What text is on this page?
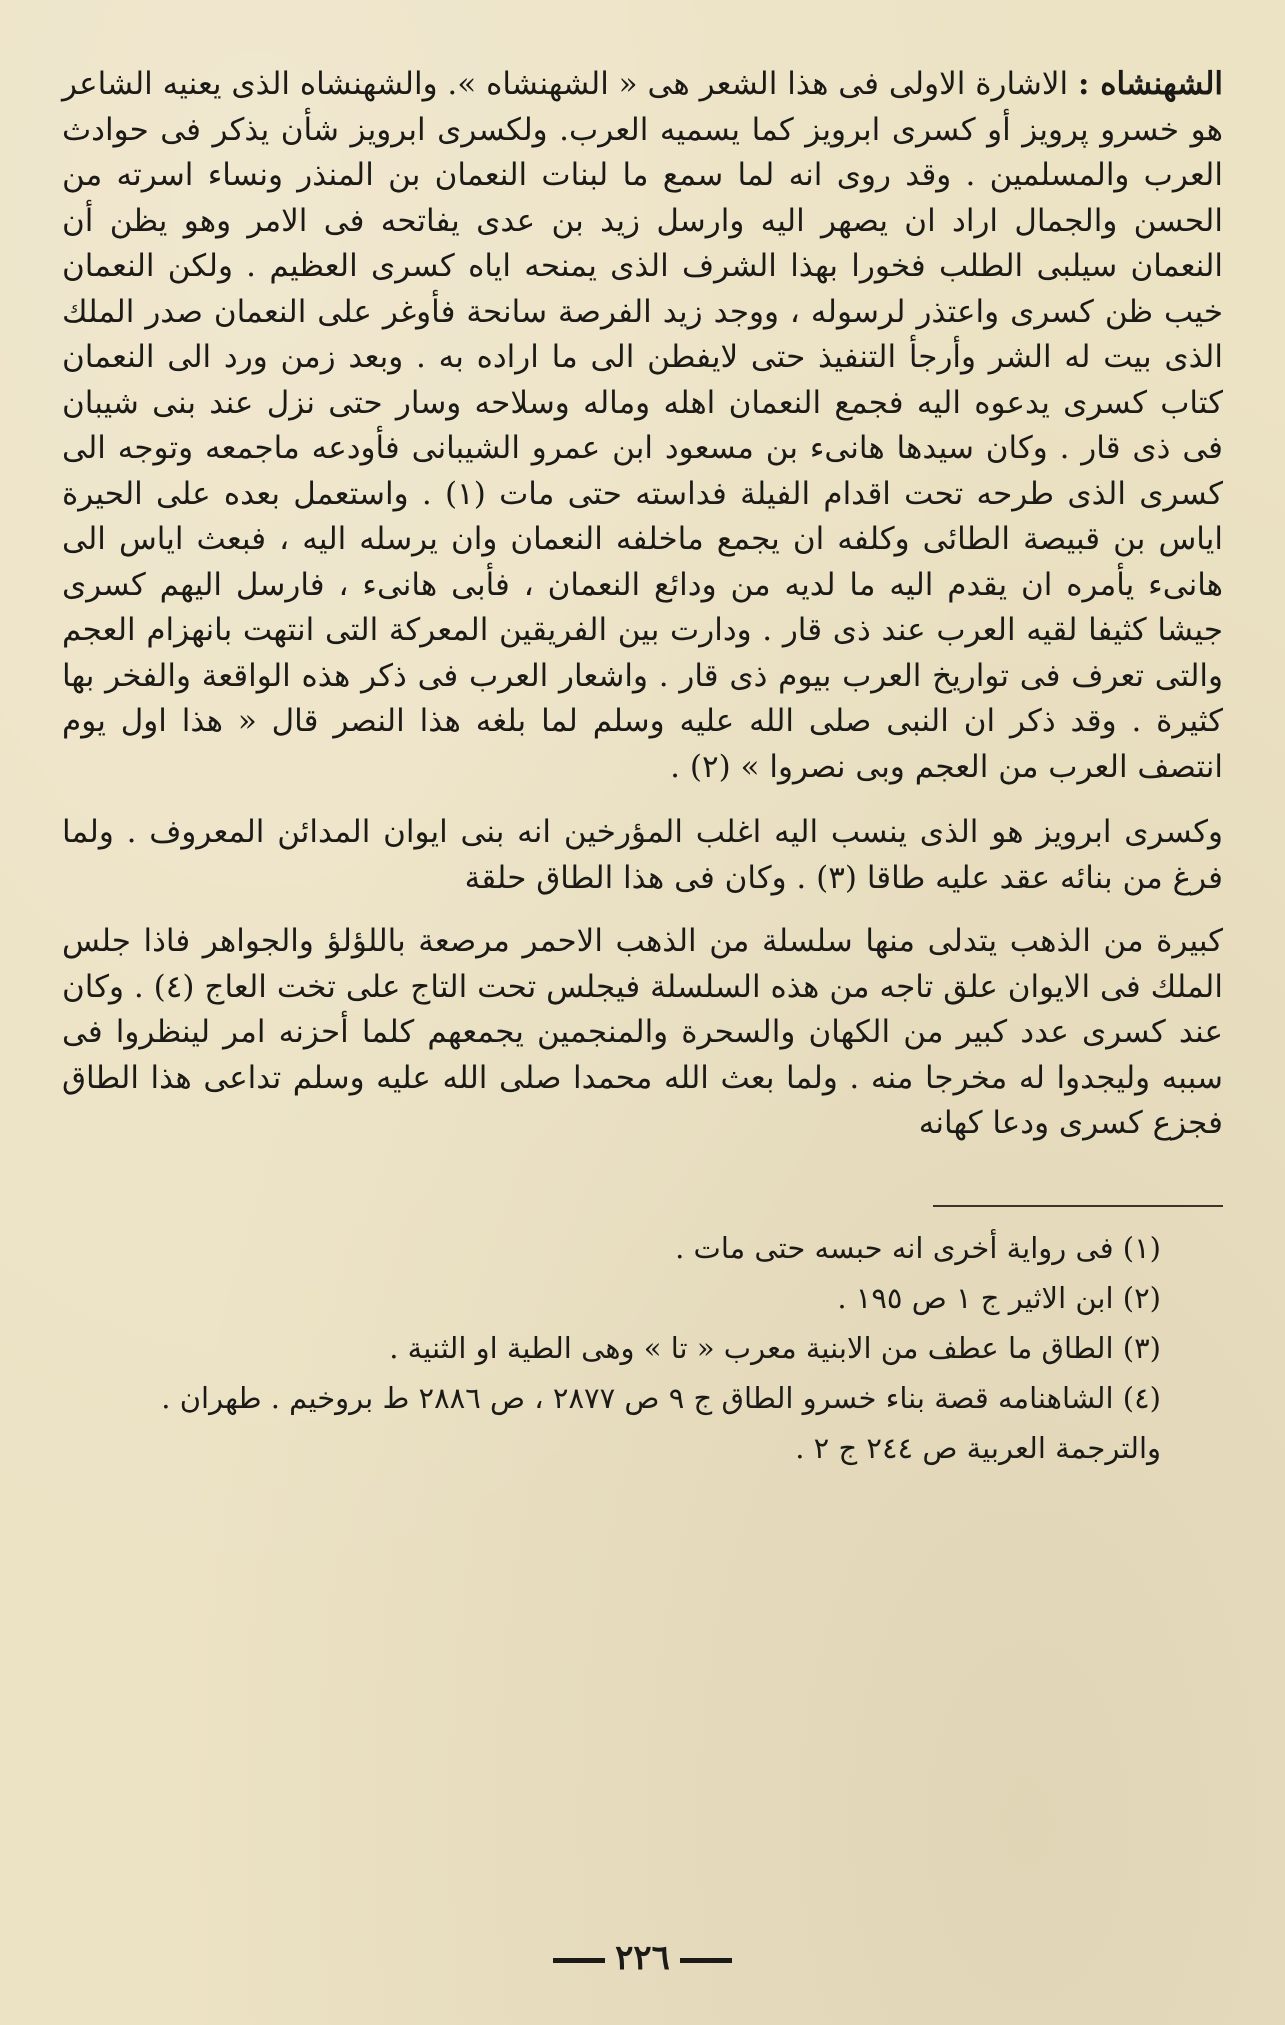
الشهنشاه : الاشارة الاولى فى هذا الشعر هى « الشهنشاه ». والشهنشاه الذى يعنيه الشاعر هو خسرو پرويز أو كسرى ابرويز كما يسميه العرب. ولكسرى ابرويز شأن يذكر فى حوادث العرب والمسلمين . وقد روى انه لما سمع ما لبنات النعمان بن المنذر ونساء اسرته من الحسن والجمال اراد ان يصهر اليه وارسل زيد بن عدى يفاتحه فى الامر وهو يظن أن النعمان سيلبى الطلب فخورا بهذا الشرف الذى يمنحه اياه كسرى العظيم . ولكن النعمان خيب ظن كسرى واعتذر لرسوله ، ووجد زيد الفرصة سانحة فأوغر على النعمان صدر الملك الذى بيت له الشر وأرجأ التنفيذ حتى لايفطن الى ما اراده به . وبعد زمن ورد الى النعمان كتاب كسرى يدعوه اليه فجمع النعمان اهله وماله وسلاحه وسار حتى نزل عند بنى شيبان فى ذى قار . وكان سيدها هانىء بن مسعود ابن عمرو الشيبانى فأودعه ماجمعه وتوجه الى كسرى الذى طرحه تحت اقدام الفيلة فداسته حتى مات (١) . واستعمل بعده على الحيرة اياس بن قبيصة الطائى وكلفه ان يجمع ماخلفه النعمان وان يرسله اليه ، فبعث اياس الى هانىء يأمره ان يقدم اليه ما لديه من ودائع النعمان ، فأبى هانىء ، فارسل اليهم كسرى جيشا كثيفا لقيه العرب عند ذى قار . ودارت بين الفريقين المعركة التى انتهت بانهزام العجم والتى تعرف فى تواريخ العرب بيوم ذى قار . واشعار العرب فى ذكر هذه الواقعة والفخر بها كثيرة . وقد ذكر ان النبى صلى الله عليه وسلم لما بلغه هذا النصر قال « هذا اول يوم انتصف العرب من العجم وبى نصروا » (٢) .

وكسرى ابرويز هو الذى ينسب اليه اغلب المؤرخين انه بنى ايوان المدائن المعروف . ولما فرغ من بنائه عقد عليه طاقا (٣) . وكان فى هذا الطاق حلقة

كبيرة من الذهب يتدلى منها سلسلة من الذهب الاحمر مرصعة باللؤلؤ والجواهر فاذا جلس الملك فى الايوان علق تاجه من هذه السلسلة فيجلس تحت التاج على تخت العاج (٤) . وكان عند كسرى عدد كبير من الكهان والسحرة والمنجمين يجمعهم كلما أحزنه امر لينظروا فى سببه وليجدوا له مخرجا منه . ولما بعث الله محمدا صلى الله عليه وسلم تداعى هذا الطاق فجزع كسرى ودعا كهانه

(١) فى رواية أخرى انه حبسه حتى مات .

(٢) ابن الاثير ج ١ ص ١٩٥ .

(٣) الطاق ما عطف من الابنية معرب « تا » وهى الطية او الثنية .

(٤) الشاهنامه قصة بناء خسرو الطاق ج ٩ ص ٢٨٧٧ ، ص ٢٨٨٦ ط بروخيم . طهران . والترجمة العربية ص ٢٤٤ ج ٢ .

٢٢٦
